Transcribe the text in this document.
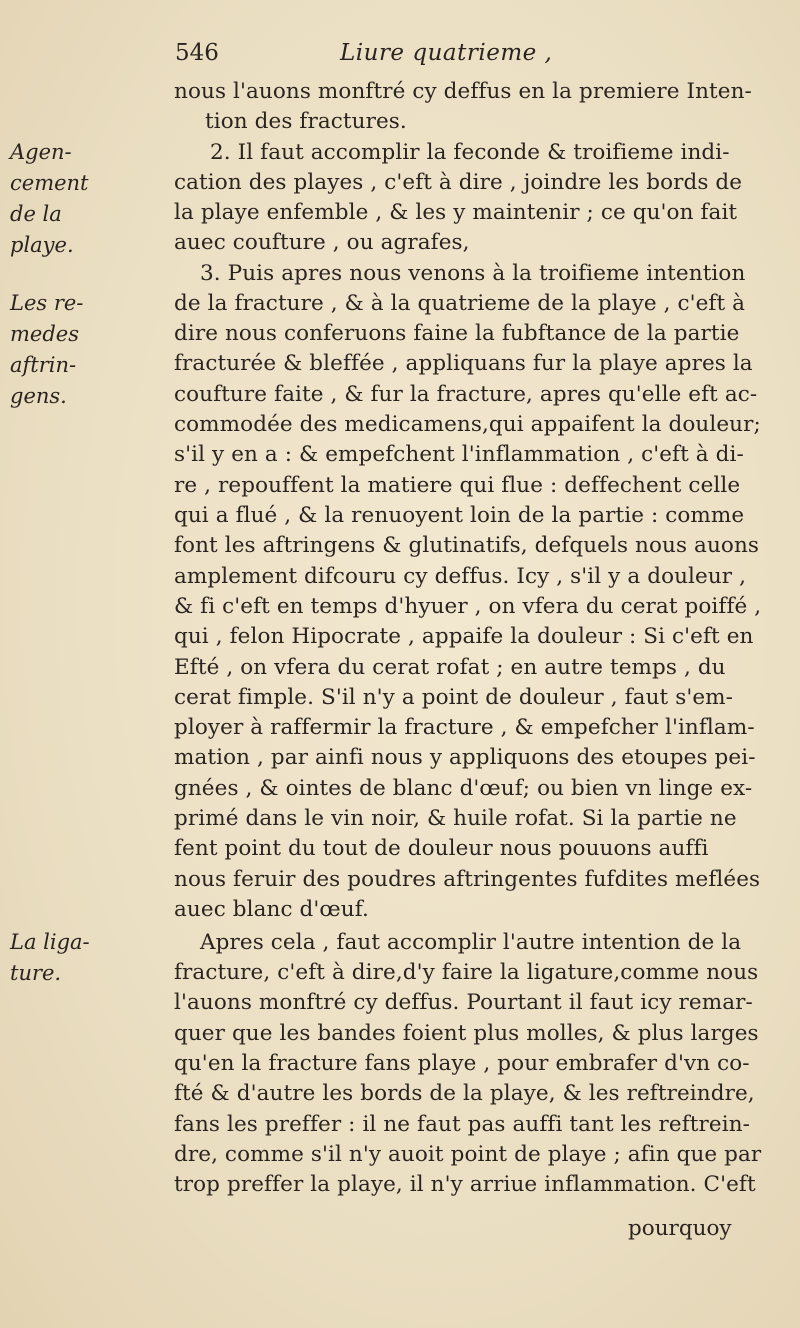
546	Liure quatrieme ,
nous l'auons monftré cy deffus en la premiere Inten-
tion des fractures.
2. Il faut accomplir la feconde & troifieme indi-
cation des playes , c'eft à dire , joindre les bords de
la playe enfemble , & les y maintenir ; ce qu'on fait
auec coufture , ou agrafes,
3. Puis apres nous venons à la troifieme intention
de la fracture , & à la quatrieme de la playe , c'eft à
dire nous conferuons faine la fubftance de la partie
fracturée & bleffée , appliquans fur la playe apres la
coufture faite , & fur la fracture, apres qu'elle eft ac-
commodée des medicamens,qui appaifent la douleur;
s'il y en a : & empefchent l'inflammation , c'eft à di-
re , repouffent la matiere qui flue : deffechent celle
qui a flué , & la renuoyent loin de la partie : comme
font les aftringens & glutinatifs, defquels nous auons
amplement difcouru cy deffus. Icy , s'il y a douleur ,
& fi c'eft en temps d'hyuer , on vfera du cerat poiffé ,
qui , felon Hipocrate , appaife la douleur : Si c'eft en
Efté , on vfera du cerat rofat ; en autre temps , du
cerat fimple. S'il n'y a point de douleur , faut s'em-
ployer à raffermir la fracture , & empefcher l'inflam-
mation , par ainfi nous y appliquons des etoupes pei-
gnées , & ointes de blanc d'œuf; ou bien vn linge ex-
primé dans le vin noir, & huile rofat. Si la partie ne
fent point du tout de douleur nous pouuons auffi
nous feruir des poudres aftringentes fufdites meflées
auec blanc d'œuf.
Apres cela , faut accomplir l'autre intention de la
fracture, c'eft à dire,d'y faire la ligature,comme nous
l'auons monftré cy deffus. Pourtant il faut icy remar-
quer que les bandes foient plus molles, & plus larges
qu'en la fracture fans playe , pour embrafer d'vn co-
fté & d'autre les bords de la playe, & les reftreindre,
fans les preffer : il ne faut pas auffi tant les reftrein-
dre, comme s'il n'y auoit point de playe ; afin que par
trop preffer la playe, il n'y arriue inflammation. C'eft
pourquoy
Agen-
cement
de la
playe.
Les re-
medes
aftrin-
gens.
La liga-
ture.
